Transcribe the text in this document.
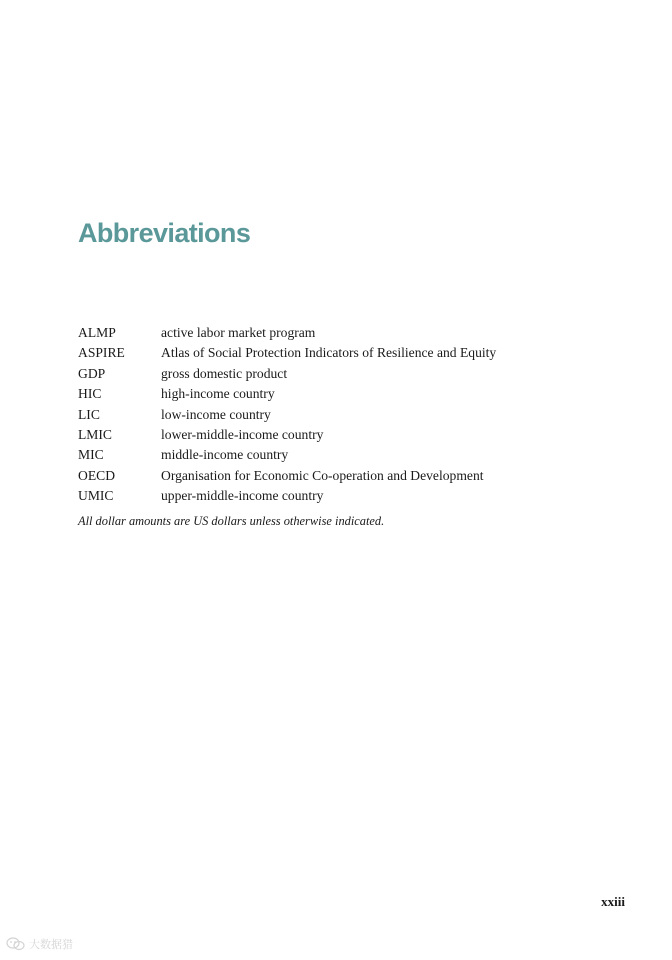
Abbreviations
ALMP	active labor market program
ASPIRE	Atlas of Social Protection Indicators of Resilience and Equity
GDP	gross domestic product
HIC	high-income country
LIC	low-income country
LMIC	lower-middle-income country
MIC	middle-income country
OECD	Organisation for Economic Co-operation and Development
UMIC	upper-middle-income country

All dollar amounts are US dollars unless otherwise indicated.

xxiii
大数据猎
